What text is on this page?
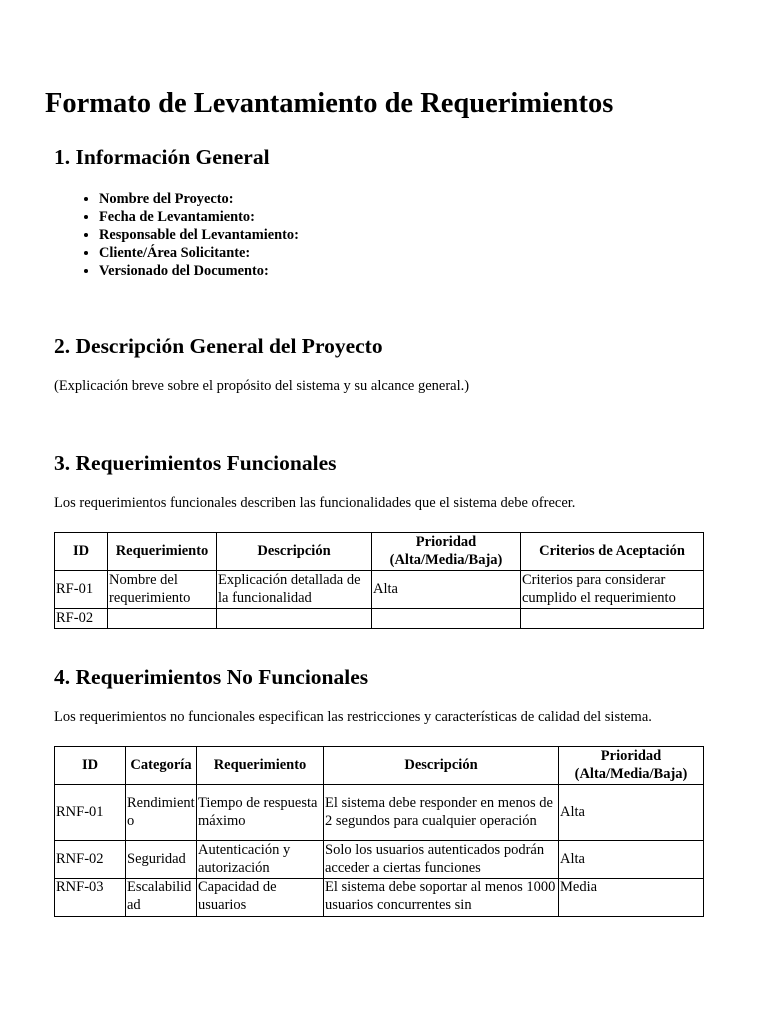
Formato de Levantamiento de Requerimientos
1. Información General
• Nombre del Proyecto:
• Fecha de Levantamiento:
• Responsable del Levantamiento:
• Cliente/Área Solicitante:
• Versionado del Documento:
2. Descripción General del Proyecto

(Explicación breve sobre el propósito del sistema y su alcance general.)

3. Requerimientos Funcionales

Los requerimientos funcionales describen las funcionalidades que el sistema debe ofrecer.

ID	Requerimiento	Descripción	Prioridad (Alta/Media/Baja)	Criterios de Aceptación
RF-01	Nombre del requerimiento	Explicación detallada de la funcionalidad	Alta	Criterios para considerar cumplido el requerimiento
RF-02				
4. Requerimientos No Funcionales

Los requerimientos no funcionales especifican las restricciones y características de calidad del sistema.

ID	Categoría	Requerimiento	Descripción	Prioridad (Alta/Media/Baja)
RNF-01	Rendimiento	Tiempo de respuesta máximo	El sistema debe responder en menos de 2 segundos para cualquier operación	Alta
RNF-02	Seguridad	Autenticación y autorización	Solo los usuarios autenticados podrán acceder a ciertas funciones	Alta
RNF-03	Escalabilidad	Capacidad de usuarios	El sistema debe soportar al menos 1000 usuarios concurrentes sin	Media
